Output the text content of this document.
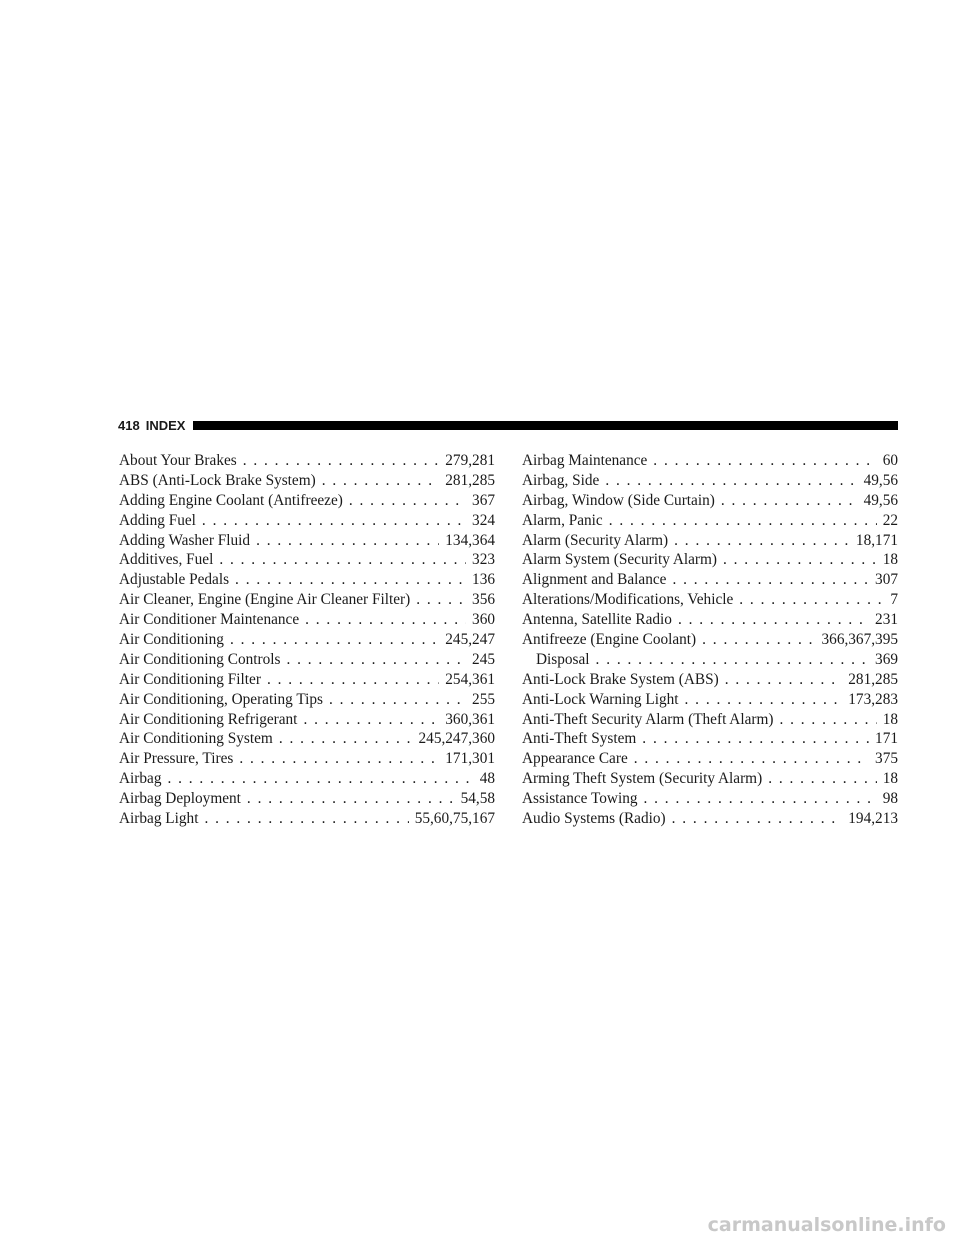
418 INDEX
About Your Brakes . . .	279,281
ABS (Anti-Lock Brake System) . . .	281,285
Adding Engine Coolant (Antifreeze) . . .	367
Adding Fuel . . .	324
Adding Washer Fluid . . .	134,364
Additives, Fuel . . .	323
Adjustable Pedals . . .	136
Air Cleaner, Engine (Engine Air Cleaner Filter) . . .	356
Air Conditioner Maintenance . . .	360
Air Conditioning . . .	245,247
Air Conditioning Controls . . .	245
Air Conditioning Filter . . .	254,361
Air Conditioning, Operating Tips . . .	255
Air Conditioning Refrigerant . . .	360,361
Air Conditioning System . . .	245,247,360
Air Pressure, Tires . . .	171,301
Airbag . . .	48
Airbag Deployment . . .	54,58
Airbag Light . . .	55,60,75,167
Airbag Maintenance . . .	60
Airbag, Side . . .	49,56
Airbag, Window (Side Curtain) . . .	49,56
Alarm, Panic . . .	22
Alarm (Security Alarm) . . .	18,171
Alarm System (Security Alarm) . . .	18
Alignment and Balance . . .	307
Alterations/Modifications, Vehicle . . .	7
Antenna, Satellite Radio . . .	231
Antifreeze (Engine Coolant) . . .	366,367,395
Disposal . . .	369
Anti-Lock Brake System (ABS) . . .	281,285
Anti-Lock Warning Light . . .	173,283
Anti-Theft Security Alarm (Theft Alarm) . . .	18
Anti-Theft System . . .	171
Appearance Care . . .	375
Arming Theft System (Security Alarm) . . .	18
Assistance Towing . . .	98
Audio Systems (Radio) . . .	194,213
carmanualsonline.info
